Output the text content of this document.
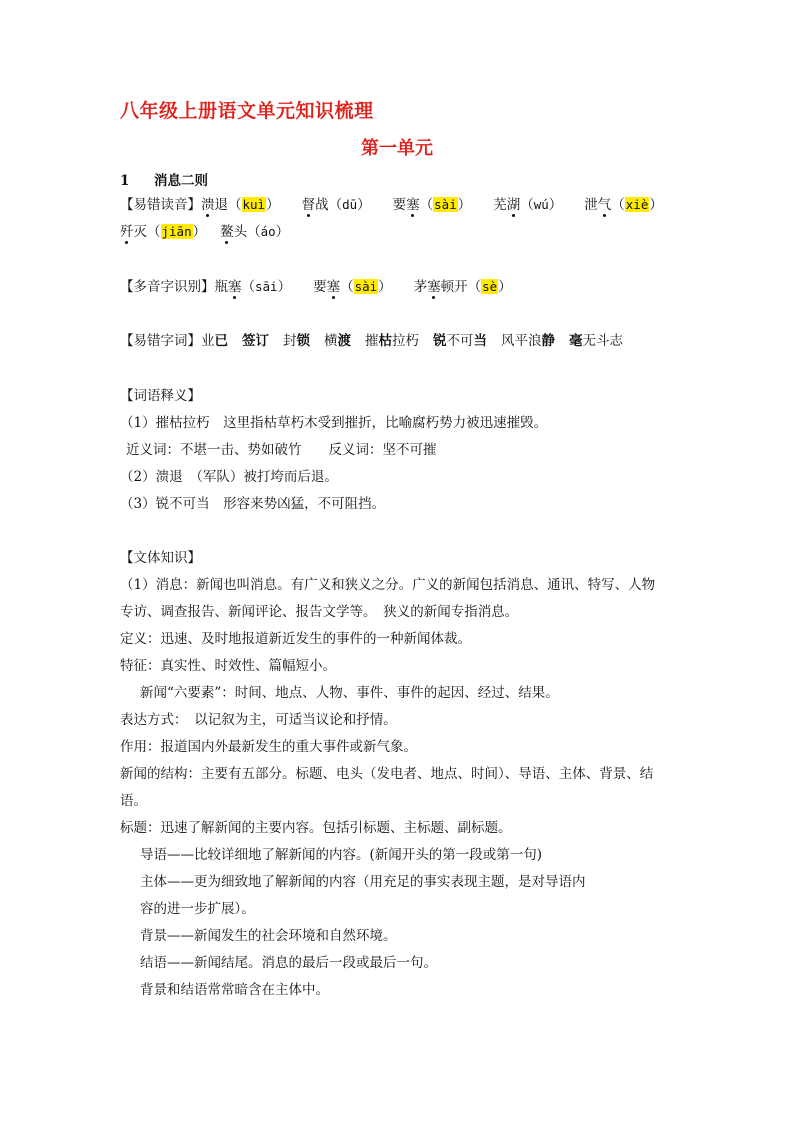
八年级上册语文单元知识梳理
第一单元
1 消息二则
【易错读音】溃退（kuì） 督战（dū） 要塞（sài） 芜湖（wú） 泄气（xiè）
歼灭（jiān） 鳌头（áo）
【多音字识别】瓶塞（sāi） 要塞（sài） 茅塞顿开（sè）
【易错字词】业已 签订 封锁 横渡 摧枯拉朽 锐不可当 风平浪静 毫无斗志
【词语释义】
（1）摧枯拉朽　这里指枯草朽木受到摧折，比喻腐朽势力被迅速摧毁。
近义词：不堪一击、势如破竹　　反义词：坚不可摧
（2）溃退　（军队）被打垮而后退。
（3）锐不可当　形容来势凶猛，不可阻挡。
【文体知识】
（1）消息：新闻也叫消息。有广义和狭义之分。广义的新闻包括消息、通讯、特写、人物
专访、调查报告、新闻评论、报告文学等。　狭义的新闻专指消息。
定义：迅速、及时地报道新近发生的事件的一种新闻体裁。
特征：真实性、时效性、篇幅短小。
新闻“六要素”：时间、地点、人物、事件、事件的起因、经过、结果。
表达方式：　以记叙为主，可适当议论和抒情。
作用：报道国内外最新发生的重大事件或新气象。
新闻的结构：主要有五部分。标题、电头（发电者、地点、时间）、导语、主体、背景、结
语。
标题：迅速了解新闻的主要内容。包括引标题、主标题、副标题。
导语——比较详细地了解新闻的内容。(新闻开头的第一段或第一句)
主体——更为细致地了解新闻的内容（用充足的事实表现主题，是对导语内
容的进一步扩展）。
背景——新闻发生的社会环境和自然环境。
结语——新闻结尾。消息的最后一段或最后一句。
背景和结语常常暗含在主体中。
